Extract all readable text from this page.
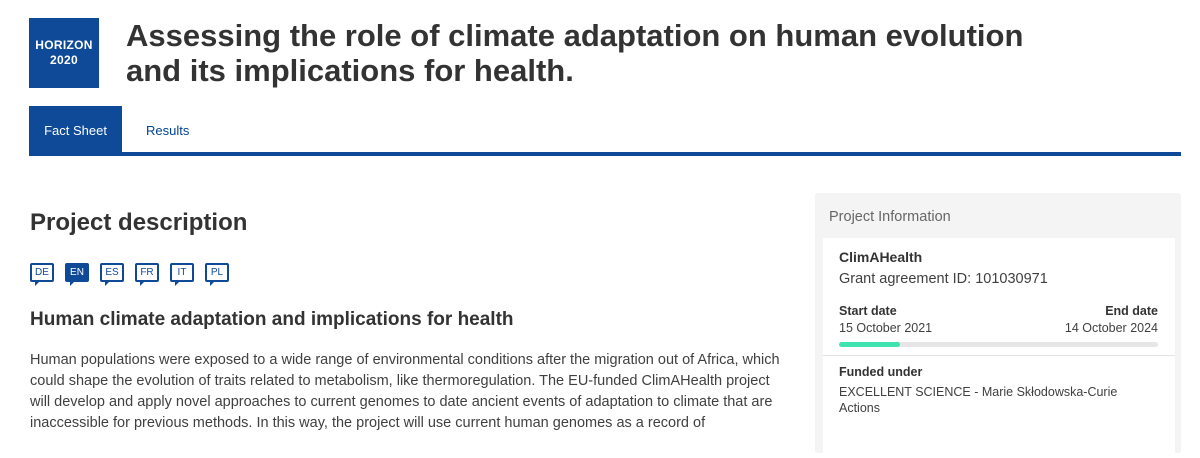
HORIZON
2020
Assessing the role of climate adaptation on human evolution and its implications for health.
Fact Sheet	Results
Project description
DE	EN	ES	FR	IT	PL
Human climate adaptation and implications for health

Human populations were exposed to a wide range of environmental conditions after the migration out of Africa, which could shape the evolution of traits related to metabolism, like thermoregulation. The EU-funded ClimAHealth project will develop and apply novel approaches to current genomes to date ancient events of adaptation to climate that are inaccessible for previous methods. In this way, the project will use current human genomes as a record of

Project Information
ClimAHealth
Grant agreement ID: 101030971
Start date	End date
15 October 2021	14 October 2024
Funded under
EXCELLENT SCIENCE - Marie Skłodowska-Curie Actions
